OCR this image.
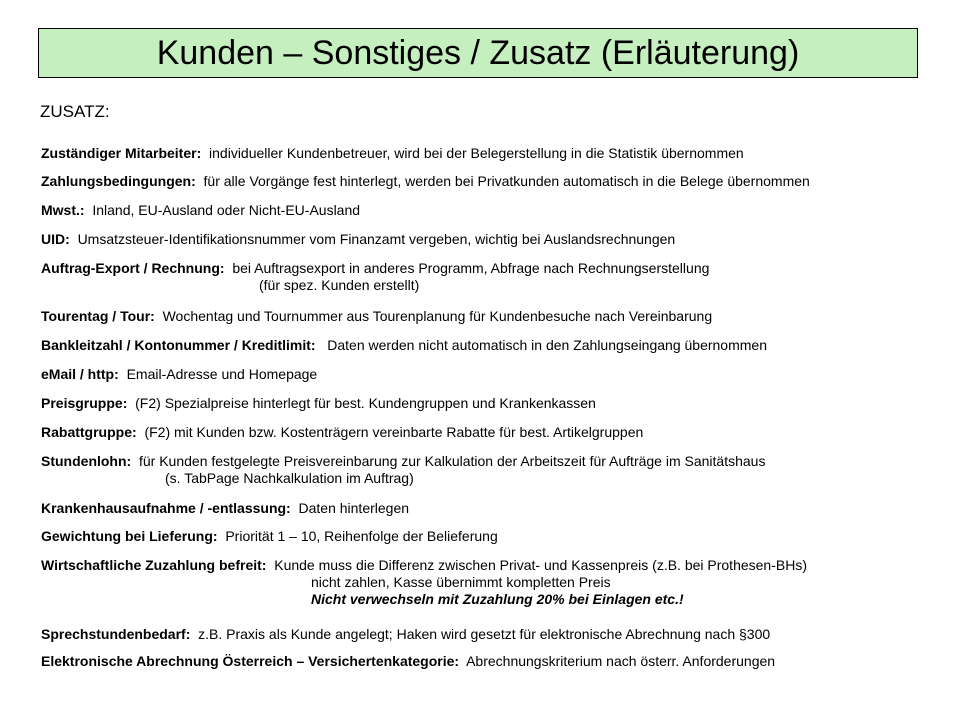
Kunden – Sonstiges / Zusatz (Erläuterung)
ZUSATZ:
Zuständiger Mitarbeiter: individueller Kundenbetreuer, wird bei der Belegerstellung in die Statistik übernommen
Zahlungsbedingungen: für alle Vorgänge fest hinterlegt, werden bei Privatkunden automatisch in die Belege übernommen
Mwst.: Inland, EU-Ausland oder Nicht-EU-Ausland
UID: Umsatzsteuer-Identifikationsnummer vom Finanzamt vergeben, wichtig bei Auslandsrechnungen
Auftrag-Export / Rechnung: bei Auftragsexport in anderes Programm, Abfrage nach Rechnungserstellung
(für spez. Kunden erstellt)
Tourentag / Tour: Wochentag und Tournummer aus Tourenplanung für Kundenbesuche nach Vereinbarung
Bankleitzahl / Kontonummer / Kreditlimit: Daten werden nicht automatisch in den Zahlungseingang übernommen
eMail / http: Email-Adresse und Homepage
Preisgruppe: (F2) Spezialpreise hinterlegt für best. Kundengruppen und Krankenkassen
Rabattgruppe: (F2) mit Kunden bzw. Kostenträgern vereinbarte Rabatte für best. Artikelgruppen
Stundenlohn: für Kunden festgelegte Preisvereinbarung zur Kalkulation der Arbeitszeit für Aufträge im Sanitätshaus
(s. TabPage Nachkalkulation im Auftrag)
Krankenhausaufnahme / -entlassung: Daten hinterlegen
Gewichtung bei Lieferung: Priorität 1 – 10, Reihenfolge der Belieferung
Wirtschaftliche Zuzahlung befreit: Kunde muss die Differenz zwischen Privat- und Kassenpreis (z.B. bei Prothesen-BHs)
nicht zahlen, Kasse übernimmt kompletten Preis
Nicht verwechseln mit Zuzahlung 20% bei Einlagen etc.!
Sprechstundenbedarf: z.B. Praxis als Kunde angelegt; Haken wird gesetzt für elektronische Abrechnung nach §300
Elektronische Abrechnung Österreich – Versichertenkategorie: Abrechnungskriterium nach österr. Anforderungen
